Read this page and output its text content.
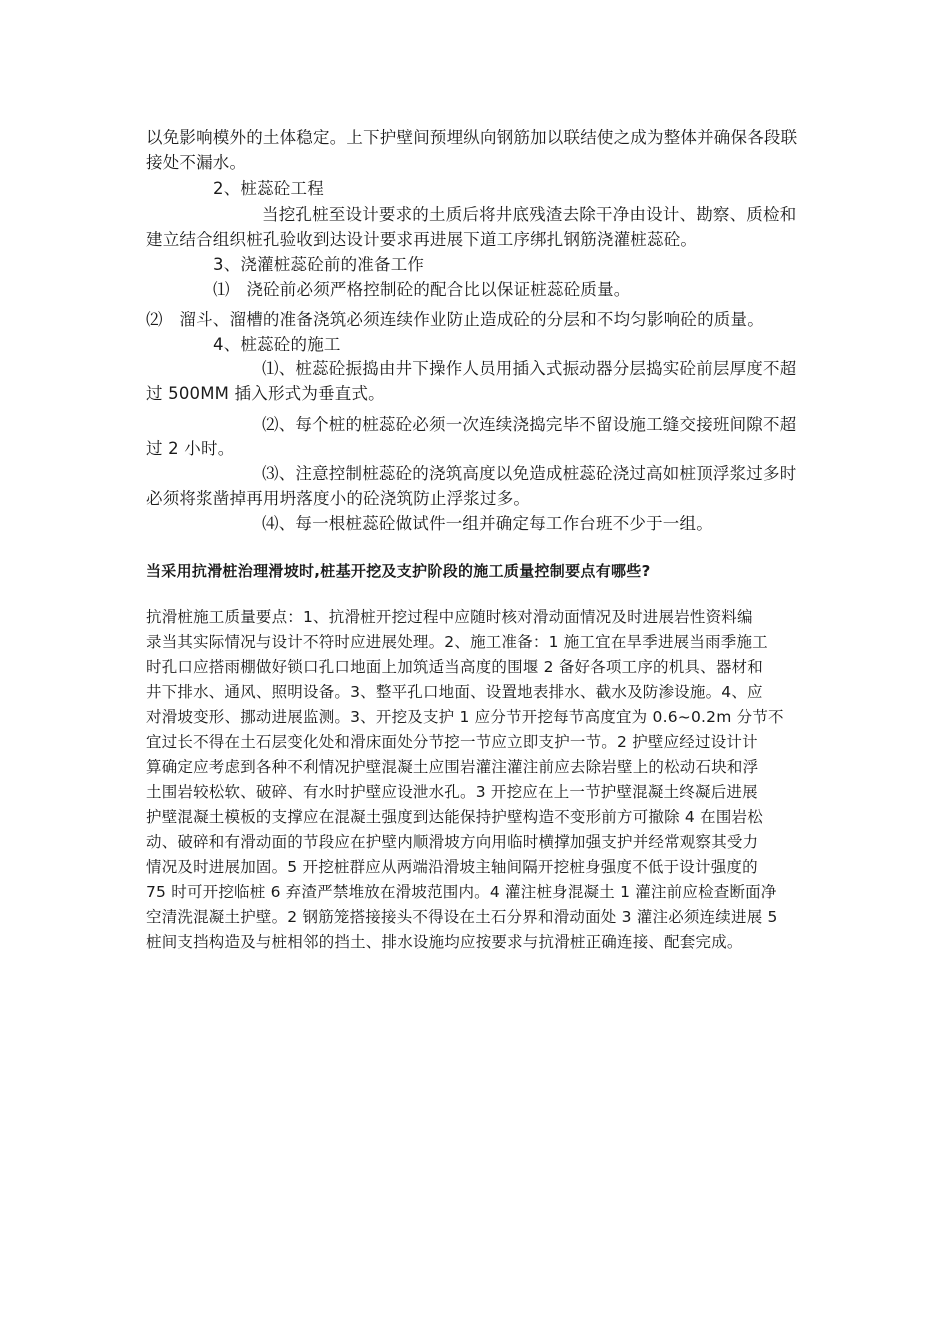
以免影响模外的土体稳定。上下护壁间预埋纵向钢筋加以联结使之成为整体并确保各段联
接处不漏水。
2、桩蕊砼工程
当挖孔桩至设计要求的土质后将井底残渣去除干净由设计、勘察、质检和
建立结合组织桩孔验收到达设计要求再进展下道工序绑扎钢筋浇灌桩蕊砼。
3、浇灌桩蕊砼前的准备工作
⑴　浇砼前必须严格控制砼的配合比以保证桩蕊砼质量。
⑵　溜斗、溜槽的准备浇筑必须连续作业防止造成砼的分层和不均匀影响砼的质量。
4、桩蕊砼的施工
⑴、桩蕊砼振捣由井下操作人员用插入式振动器分层捣实砼前层厚度不超
过 500MM 插入形式为垂直式。
⑵、每个桩的桩蕊砼必须一次连续浇捣完毕不留设施工缝交接班间隙不超
过 2 小时。
⑶、注意控制桩蕊砼的浇筑高度以免造成桩蕊砼浇过高如桩顶浮浆过多时
必须将浆凿掉再用坍落度小的砼浇筑防止浮浆过多。
⑷、每一根桩蕊砼做试件一组并确定每工作台班不少于一组。
当采用抗滑桩治理滑坡时,桩基开挖及支护阶段的施工质量控制要点有哪些?
抗滑桩施工质量要点：1、抗滑桩开挖过程中应随时核对滑动面情况及时进展岩性资料编
录当其实际情况与设计不符时应进展处理。2、施工准备：1 施工宜在旱季进展当雨季施工
时孔口应搭雨棚做好锁口孔口地面上加筑适当高度的围堰 2 备好各项工序的机具、器材和
井下排水、通风、照明设备。3、整平孔口地面、设置地表排水、截水及防渗设施。4、应
对滑坡变形、挪动进展监测。3、开挖及支护 1 应分节开挖每节高度宜为 0.6~0.2m 分节不
宜过长不得在土石层变化处和滑床面处分节挖一节应立即支护一节。2 护壁应经过设计计
算确定应考虑到各种不利情况护壁混凝土应围岩灌注灌注前应去除岩壁上的松动石块和浮
土围岩较松软、破碎、有水时护壁应设泄水孔。3 开挖应在上一节护壁混凝土终凝后进展
护壁混凝土模板的支撑应在混凝土强度到达能保持护壁构造不变形前方可撤除 4 在围岩松
动、破碎和有滑动面的节段应在护壁内顺滑坡方向用临时横撑加强支护并经常观察其受力
情况及时进展加固。5 开挖桩群应从两端沿滑坡主轴间隔开挖桩身强度不低于设计强度的
75 时可开挖临桩 6 弃渣严禁堆放在滑坡范围内。4 灌注桩身混凝土 1 灌注前应检查断面净
空清洗混凝土护壁。2 钢筋笼搭接接头不得设在土石分界和滑动面处 3 灌注必须连续进展 5
桩间支挡构造及与桩相邻的挡土、排水设施均应按要求与抗滑桩正确连接、配套完成。
